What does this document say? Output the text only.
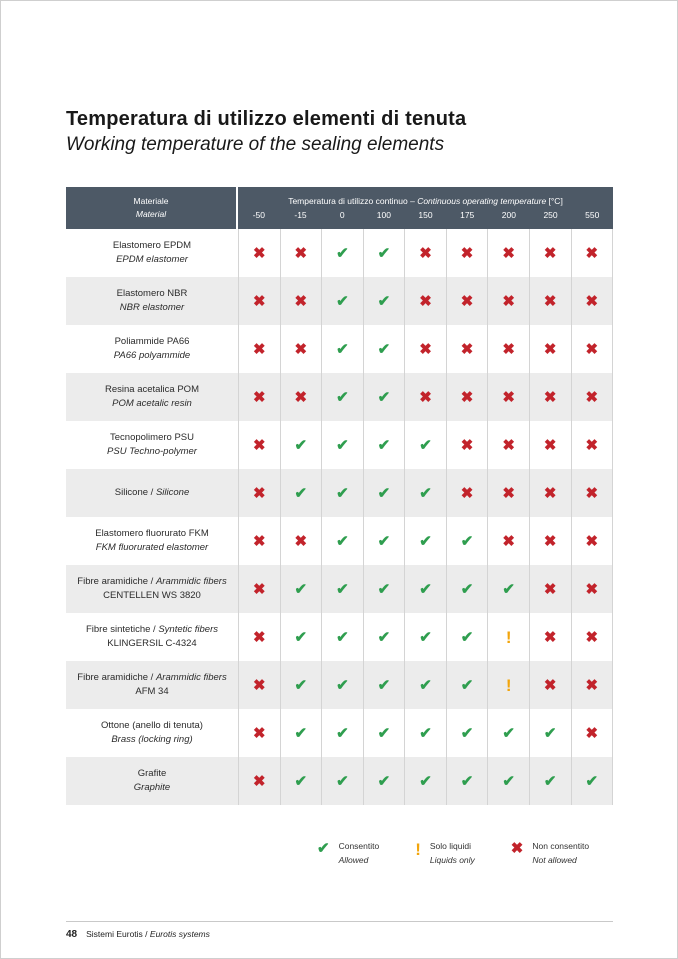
Temperatura di utilizzo elementi di tenuta
Working temperature of the sealing elements
Materiale
Material
Temperatura di utilizzo continuo – Continuous operating temperature [°C]
-50	-15	0	100	150	175	200	250	550
Elastomero EPDM
EPDM elastomer	✖ ✖ ✔ ✔ ✖ ✖ ✖ ✖ ✖
Elastomero NBR
NBR elastomer	✖ ✖ ✔ ✔ ✖ ✖ ✖ ✖ ✖
Poliammide PA66
PA66 polyammide	✖ ✖ ✔ ✔ ✖ ✖ ✖ ✖ ✖
Resina acetalica POM
POM acetalic resin	✖ ✖ ✔ ✔ ✖ ✖ ✖ ✖ ✖
Tecnopolimero PSU
PSU Techno-polymer	✖ ✔ ✔ ✔ ✔ ✖ ✖ ✖ ✖
Silicone / Silicone	✖ ✔ ✔ ✔ ✔ ✖ ✖ ✖ ✖
Elastomero fluorurato FKM
FKM fluorurated elastomer	✖ ✖ ✔ ✔ ✔ ✔ ✖ ✖ ✖
Fibre aramidiche / Arammidic fibers
CENTELLEN WS 3820	✖ ✔ ✔ ✔ ✔ ✔ ✔ ✖ ✖
Fibre sintetiche / Syntetic fibers
KLINGERSIL C-4324	✖ ✔ ✔ ✔ ✔ ✔ ! ✖ ✖
Fibre aramidiche / Arammidic fibers
AFM 34	✖ ✔ ✔ ✔ ✔ ✔ ! ✖ ✖
Ottone (anello di tenuta)
Brass (locking ring)	✖ ✔ ✔ ✔ ✔ ✔ ✔ ✔ ✖
Grafite
Graphite	✖ ✔ ✔ ✔ ✔ ✔ ✔ ✔ ✔
✔ Consentito
Allowed
! Solo liquidi
Liquids only
✖ Non consentito
Not allowed
48 Sistemi Eurotis / Eurotis systems
